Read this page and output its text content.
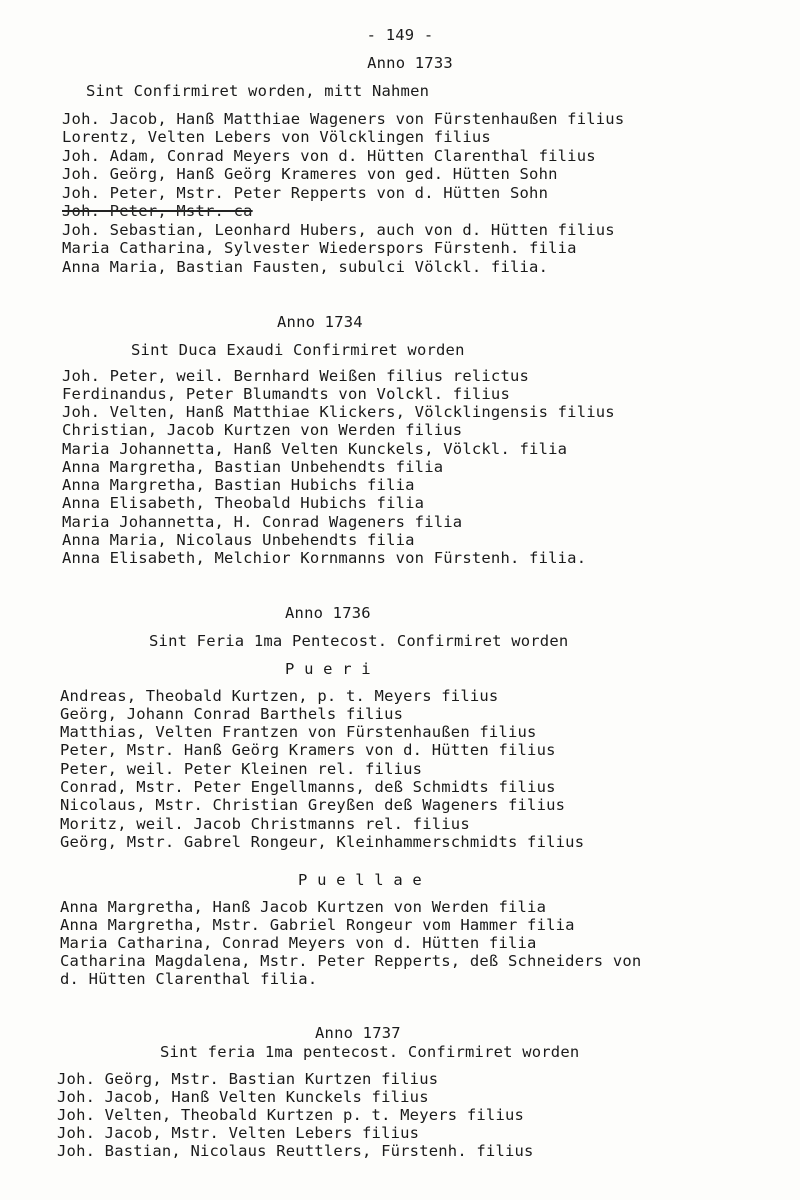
- 149 -
Anno 1733
Sint Confirmiret worden, mitt Nahmen
Joh. Jacob, Hanß Matthiae Wageners von Fürstenhaußen filius
Lorentz, Velten Lebers von Völcklingen filius
Joh. Adam, Conrad Meyers von d. Hütten Clarenthal filius
Joh. Geörg, Hanß Geörg Krameres von ged. Hütten Sohn
Joh. Peter, Mstr. Peter Repperts von d. Hütten Sohn
Joh. Peter, Mstr. ca
Joh. Sebastian, Leonhard Hubers, auch von d. Hütten filius
Maria Catharina, Sylvester Wiederspors Fürstenh. filia
Anna Maria, Bastian Fausten, subulci Völckl. filia.
Anno 1734
Sint Duca Exaudi Confirmiret worden
Joh. Peter, weil. Bernhard Weißen filius relictus
Ferdinandus, Peter Blumandts von Volckl. filius
Joh. Velten, Hanß Matthiae Klickers, Völcklingensis filius
Christian, Jacob Kurtzen von Werden filius
Maria Johannetta, Hanß Velten Kunckels, Völckl. filia
Anna Margretha, Bastian Unbehendts filia
Anna Margretha, Bastian Hubichs filia
Anna Elisabeth, Theobald Hubichs filia
Maria Johannetta, H. Conrad Wageners filia
Anna Maria, Nicolaus Unbehendts filia
Anna Elisabeth, Melchior Kornmanns von Fürstenh. filia.
Anno 1736
Sint Feria 1ma Pentecost. Confirmiret worden
P u e r i
Andreas, Theobald Kurtzen, p. t. Meyers filius
Geörg, Johann Conrad Barthels filius
Matthias, Velten Frantzen von Fürstenhaußen filius
Peter, Mstr. Hanß Geörg Kramers von d. Hütten filius
Peter, weil. Peter Kleinen rel. filius
Conrad, Mstr. Peter Engellmanns, deß Schmidts filius
Nicolaus, Mstr. Christian Greyßen deß Wageners filius
Moritz, weil. Jacob Christmanns rel. filius
Geörg, Mstr. Gabrel Rongeur, Kleinhammerschmidts filius
P u e l l a e
Anna Margretha, Hanß Jacob Kurtzen von Werden filia
Anna Margretha, Mstr. Gabriel Rongeur vom Hammer filia
Maria Catharina, Conrad Meyers von d. Hütten filia
Catharina Magdalena, Mstr. Peter Repperts, deß Schneiders von
d. Hütten Clarenthal filia.
Anno 1737
Sint feria 1ma pentecost. Confirmiret worden
Joh. Geörg, Mstr. Bastian Kurtzen filius
Joh. Jacob, Hanß Velten Kunckels filius
Joh. Velten, Theobald Kurtzen p. t. Meyers filius
Joh. Jacob, Mstr. Velten Lebers filius
Joh. Bastian, Nicolaus Reuttlers, Fürstenh. filius
